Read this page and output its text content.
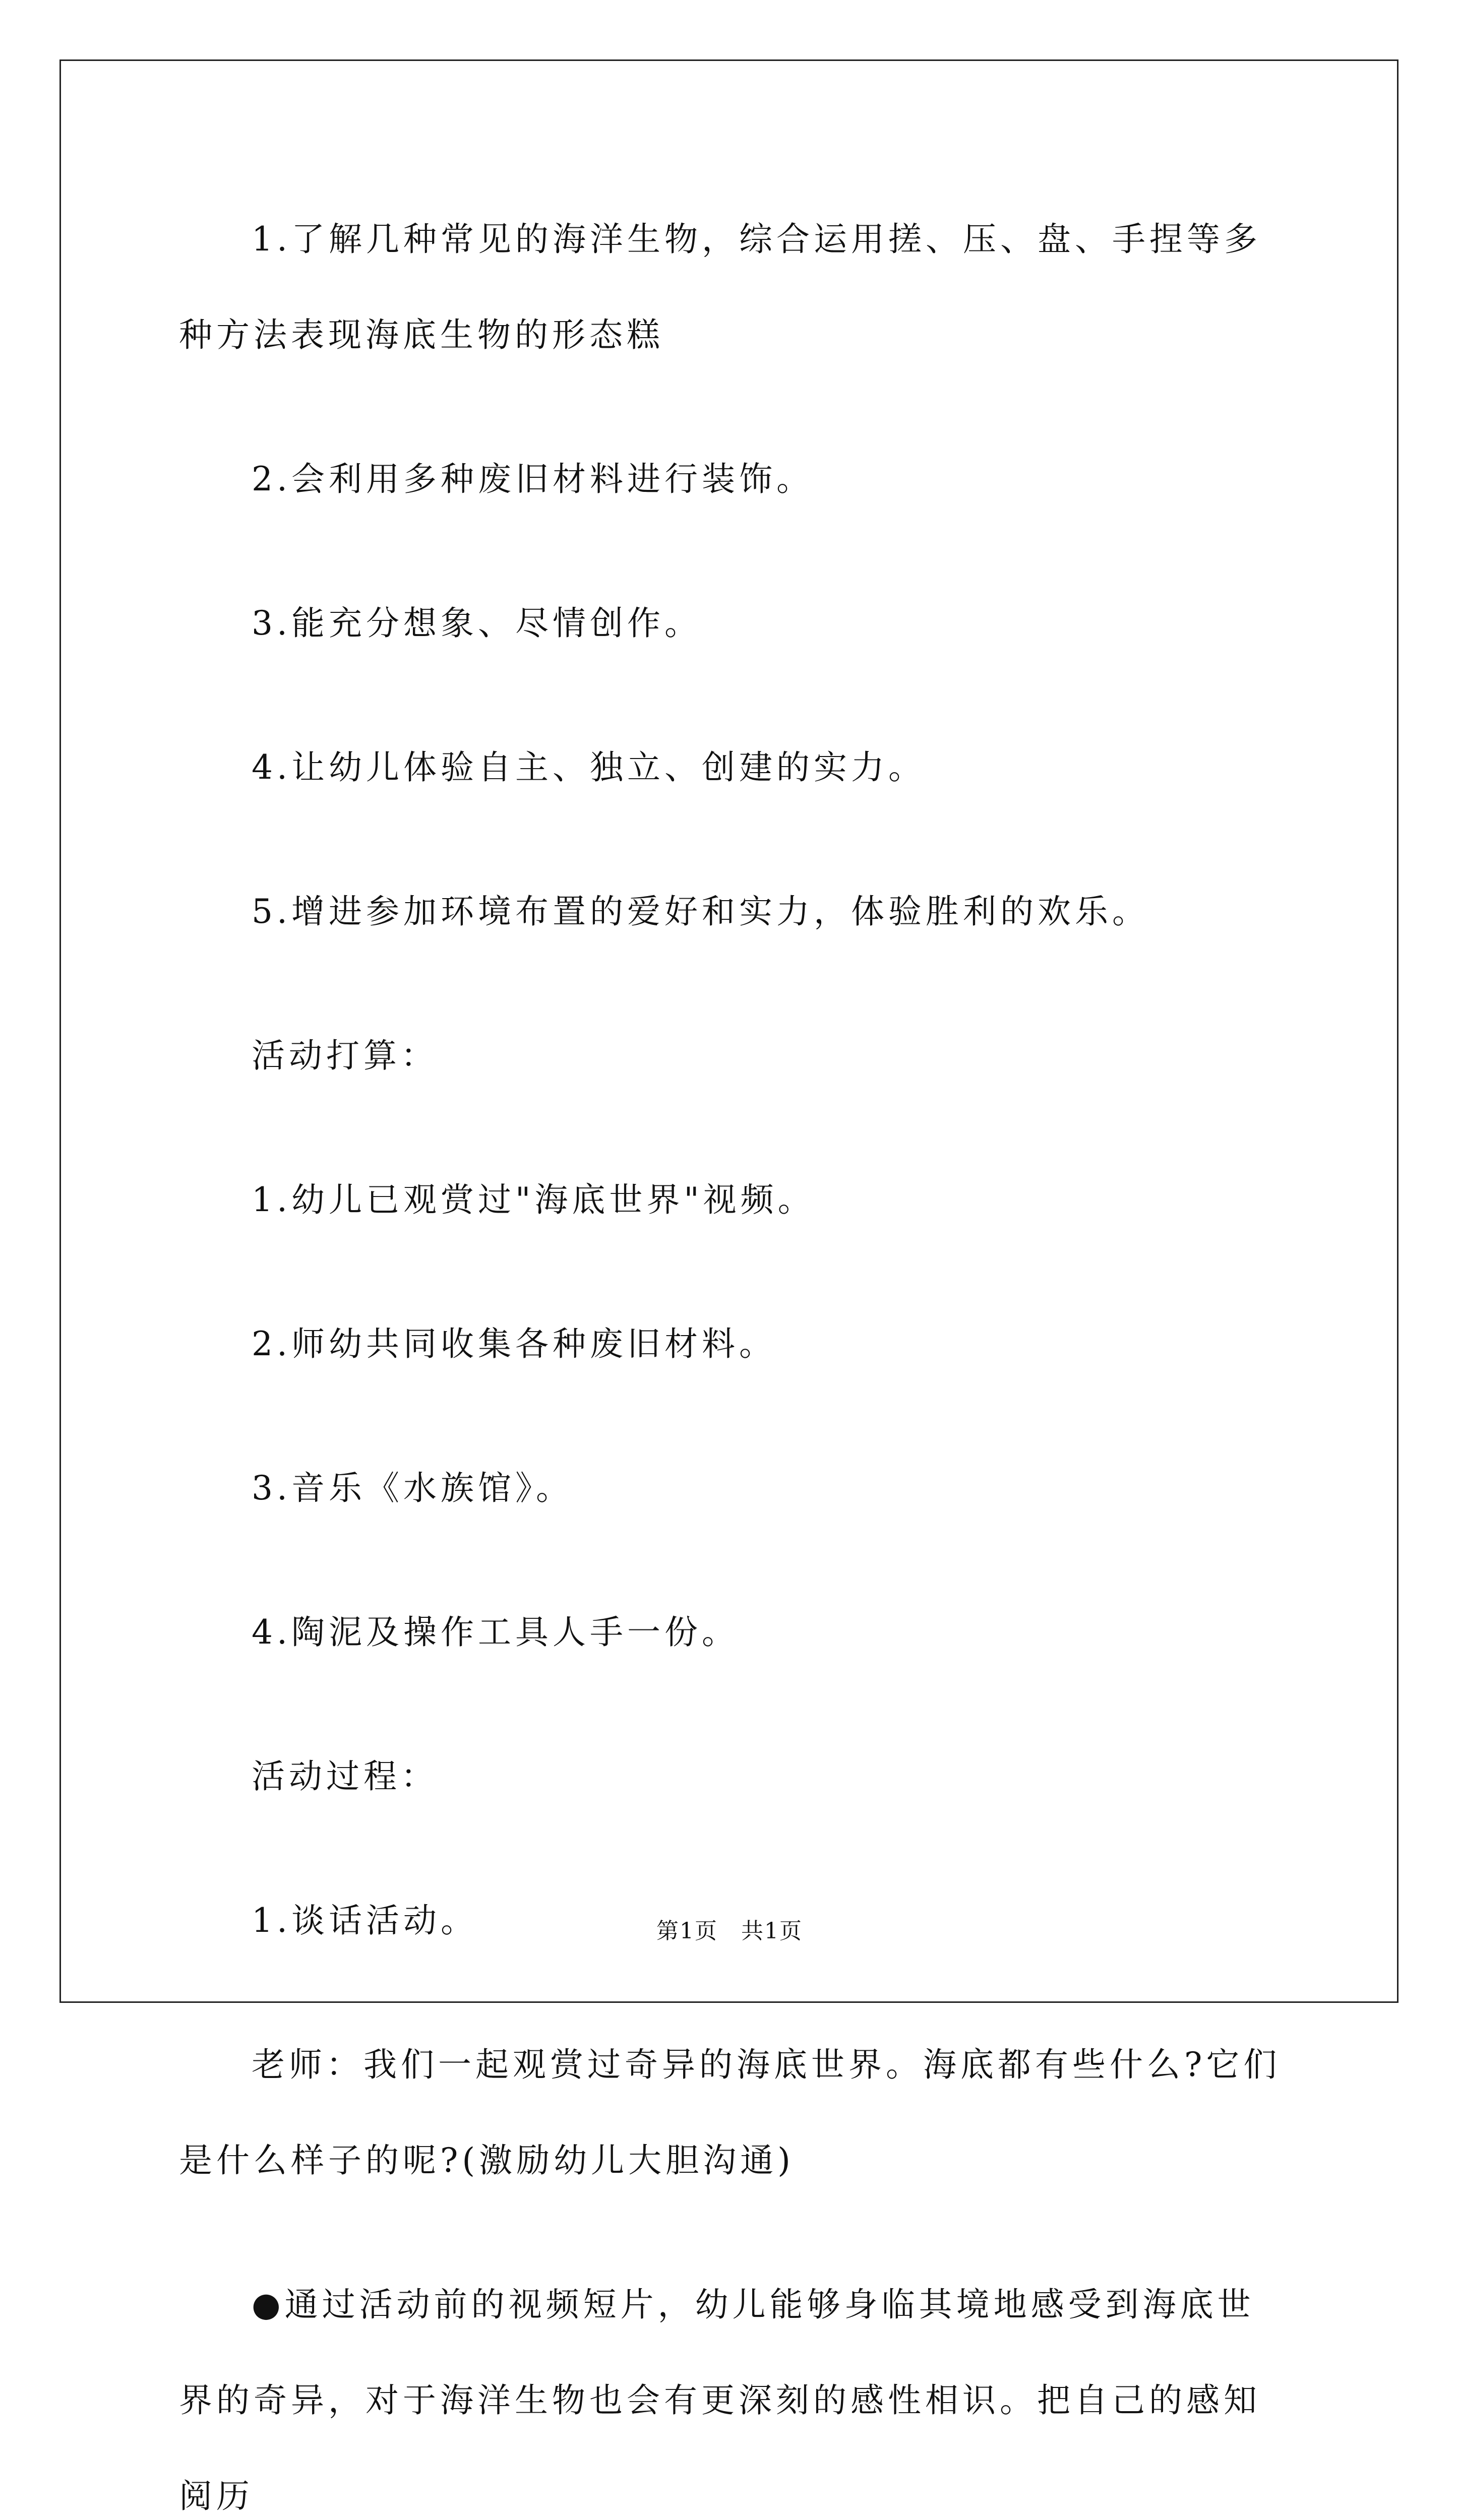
1.了解几种常见的海洋生物，综合运用搓、压、盘、手捏等多种方法表现海底生物的形态糕

2.会利用多种废旧材料进行装饰。

3.能充分想象、尽情创作。

4.让幼儿体验自主、独立、创建的实力。

5.增进参加环境布置的爱好和实力，体验胜利的欢乐。

活动打算：

1.幼儿已观赏过"海底世界"视频。

2.师幼共同收集各种废旧材料。

3.音乐《水族馆》。

4.陶泥及操作工具人手一份。

活动过程：

1.谈话活动。

老师：我们一起观赏过奇异的海底世界。海底都有些什么?它们是什么样子的呢?(激励幼儿大胆沟通)

●通过活动前的视频短片，幼儿能够身临其境地感受到海底世界的奇异，对于海洋生物也会有更深刻的感性相识。把自己的感知阅历

第1页　共1页
